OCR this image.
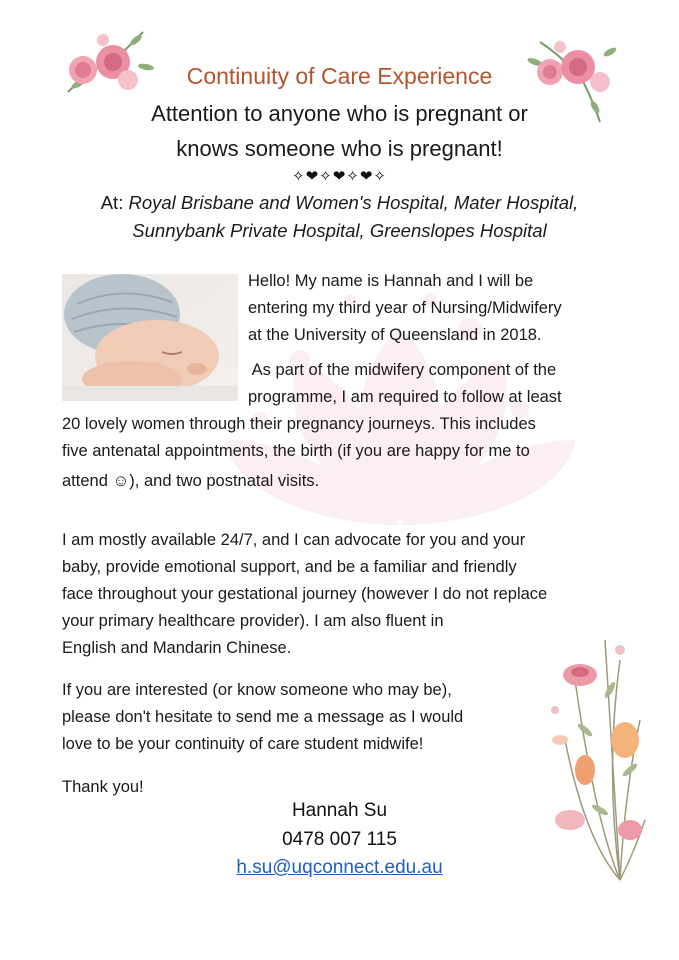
Continuity of Care Experience
Attention to anyone who is pregnant or
knows someone who is pregnant!
✧❤✧❤✧❤✧
At: Royal Brisbane and Women's Hospital, Mater Hospital,
Sunnybank Private Hospital, Greenslopes Hospital
Hello! My name is Hannah and I will be
entering my third year of Nursing/Midwifery
at the University of Queensland in 2018.
As part of the midwifery component of the
programme, I am required to follow at least
20 lovely women through their pregnancy journeys. This includes
five antenatal appointments, the birth (if you are happy for me to
attend ☺), and two postnatal visits.
I am mostly available 24/7, and I can advocate for you and your
baby, provide emotional support, and be a familiar and friendly
face throughout your gestational journey (however I do not replace
your primary healthcare provider). I am also fluent in
English and Mandarin Chinese.
If you are interested (or know someone who may be),
please don't hesitate to send me a message as I would
love to be your continuity of care student midwife!
Thank you!
Hannah Su
0478 007 115
h.su@uqconnect.edu.au
